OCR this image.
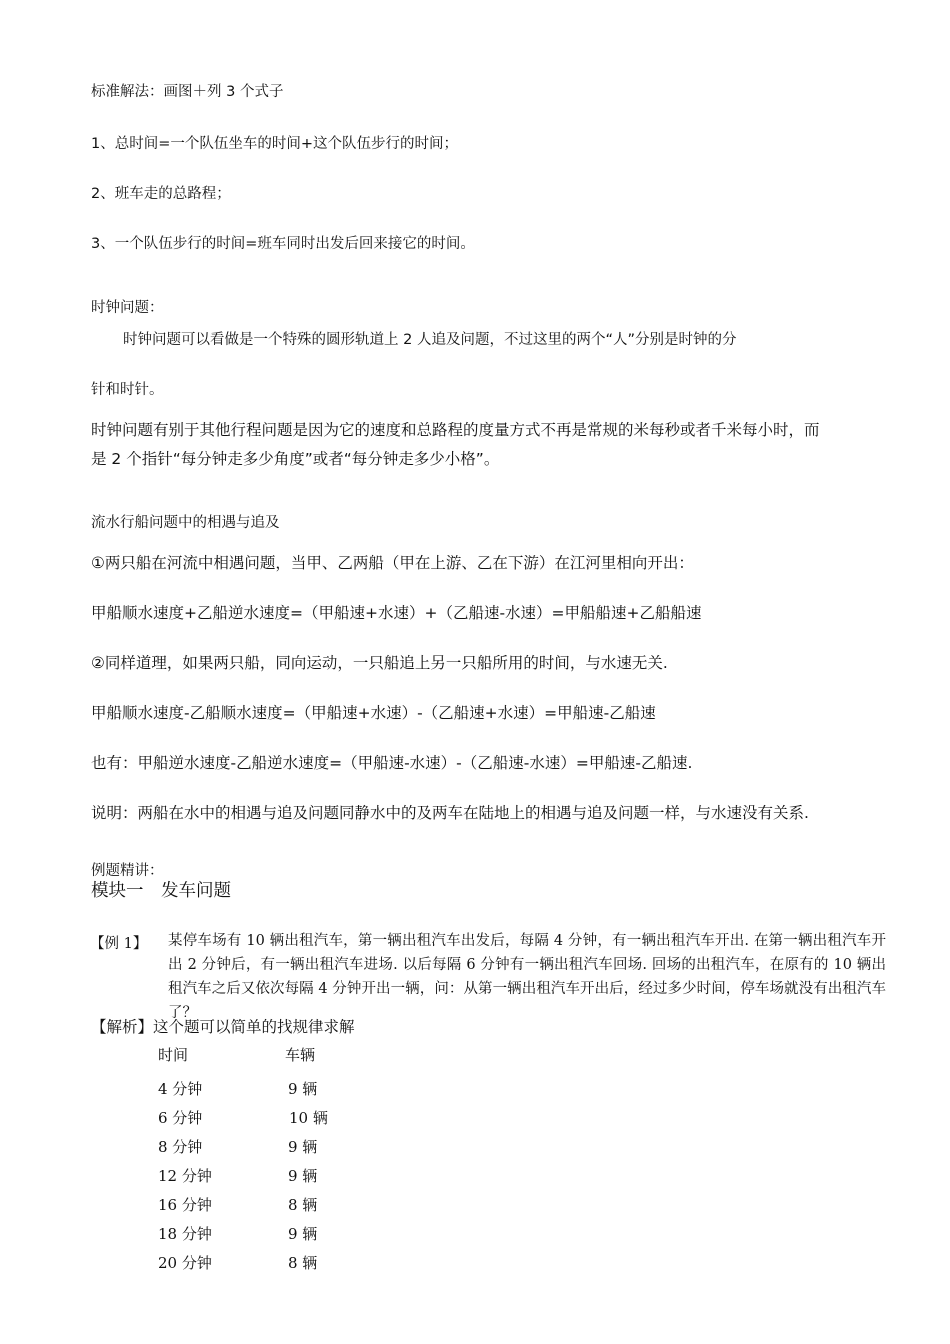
标准解法：画图＋列 3 个式子
1、总时间=一个队伍坐车的时间+这个队伍步行的时间；
2、班车走的总路程；
3、一个队伍步行的时间=班车同时出发后回来接它的时间。
时钟问题：
时钟问题可以看做是一个特殊的圆形轨道上 2 人追及问题，不过这里的两个“人”分别是时钟的分
针和时针。
时钟问题有别于其他行程问题是因为它的速度和总路程的度量方式不再是常规的米每秒或者千米每小时，而
是 2 个指针“每分钟走多少角度”或者“每分钟走多少小格”。
流水行船问题中的相遇与追及
①两只船在河流中相遇问题，当甲、乙两船（甲在上游、乙在下游）在江河里相向开出：
甲船顺水速度+乙船逆水速度=（甲船速+水速）+（乙船速-水速）=甲船船速+乙船船速
②同样道理，如果两只船，同向运动，一只船追上另一只船所用的时间，与水速无关.
甲船顺水速度-乙船顺水速度=（甲船速+水速）-（乙船速+水速）=甲船速-乙船速
也有：甲船逆水速度-乙船逆水速度=（甲船速-水速）-（乙船速-水速）=甲船速-乙船速.
说明：两船在水中的相遇与追及问题同静水中的及两车在陆地上的相遇与追及问题一样，与水速没有关系.
例题精讲：
模块一　发车问题
【例 1】 某停车场有 10 辆出租汽车，第一辆出租汽车出发后，每隔 4 分钟，有一辆出租汽车开出. 在第一辆出租汽车开出 2 分钟后，有一辆出租汽车进场. 以后每隔 6 分钟有一辆出租汽车回场. 回场的出租汽车，在原有的 10 辆出租汽车之后又依次每隔 4 分钟开出一辆，问：从第一辆出租汽车开出后，经过多少时间，停车场就没有出租汽车了？
【解析】这个题可以简单的找规律求解
时间	车辆
4 分钟	9 辆
6 分钟	10 辆
8 分钟	9 辆
12 分钟	9 辆
16 分钟	8 辆
18 分钟	9 辆
20 分钟	8 辆
